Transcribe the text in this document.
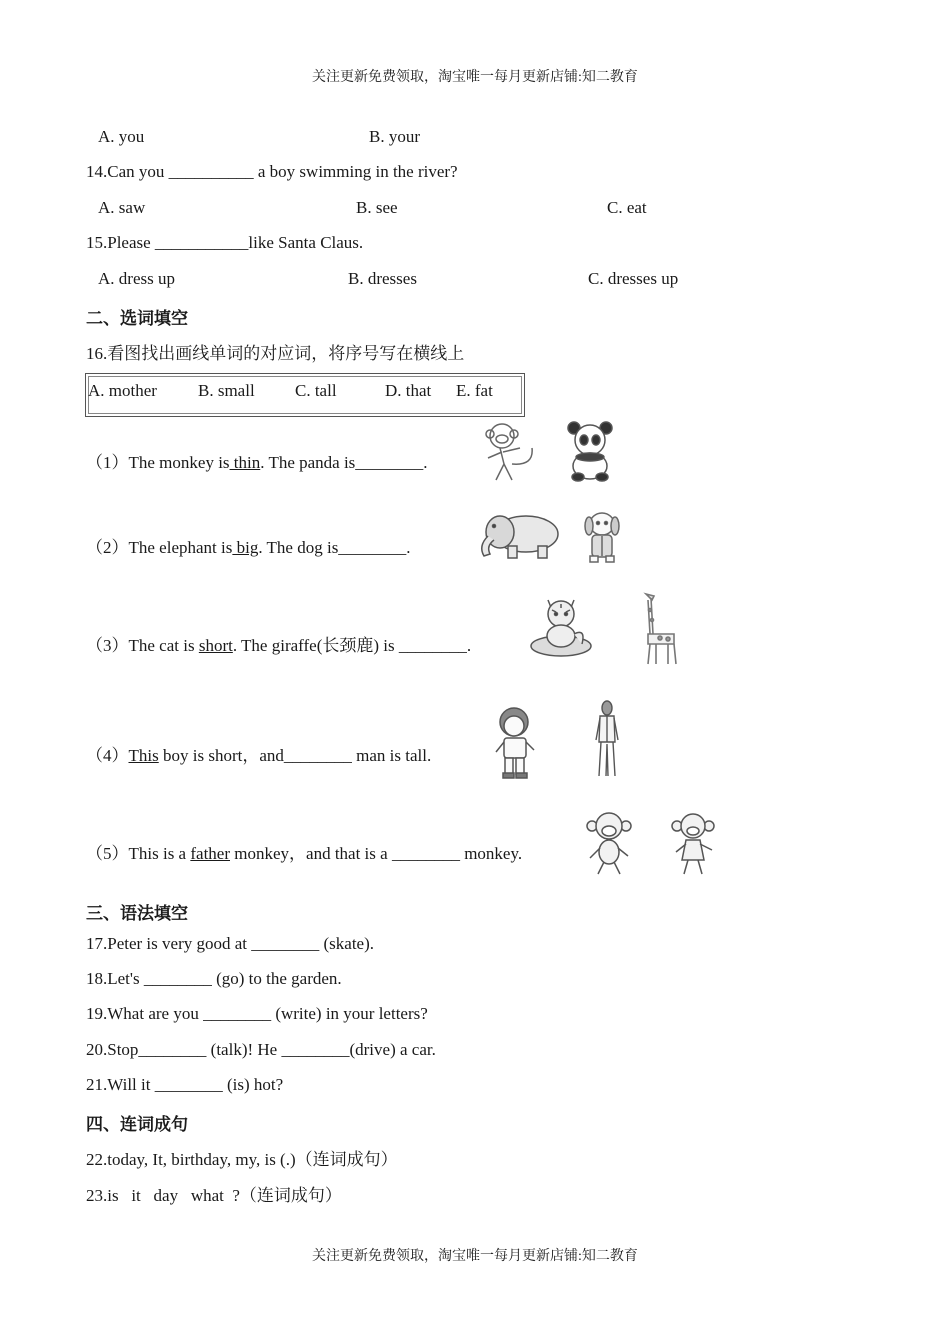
关注更新免费领取，淘宝唯一每月更新店铺:知二教育
A. you	B. your
14.Can you __________ a boy swimming in the river?
A. saw	B. see	C. eat
15.Please ___________like Santa Claus.
A. dress up	B. dresses	C. dresses up
二、选词填空
16.看图找出画线单词的对应词，将序号写在横线上
A. mother B. small C. tall	D. that E. fat
（1）The monkey is thin. The panda is________.
（2）The elephant is big. The dog is________.
（3）The cat is short. The giraffe(长颈鹿) is ________.
（4）This boy is short，and________ man is tall.
（5）This is a father monkey，and that is a ________ monkey.
三、语法填空
17.Peter is very good at ________ (skate).
18.Let's ________ (go) to the garden.
19.What are you ________ (write) in your letters?
20.Stop________ (talk)! He ________(drive) a car.
21.Will it ________ (is) hot?
四、连词成句
22.today, It, birthday, my, is (.)（连词成句）
23.is   it   day   what  ?（连词成句）
关注更新免费领取，淘宝唯一每月更新店铺:知二教育
